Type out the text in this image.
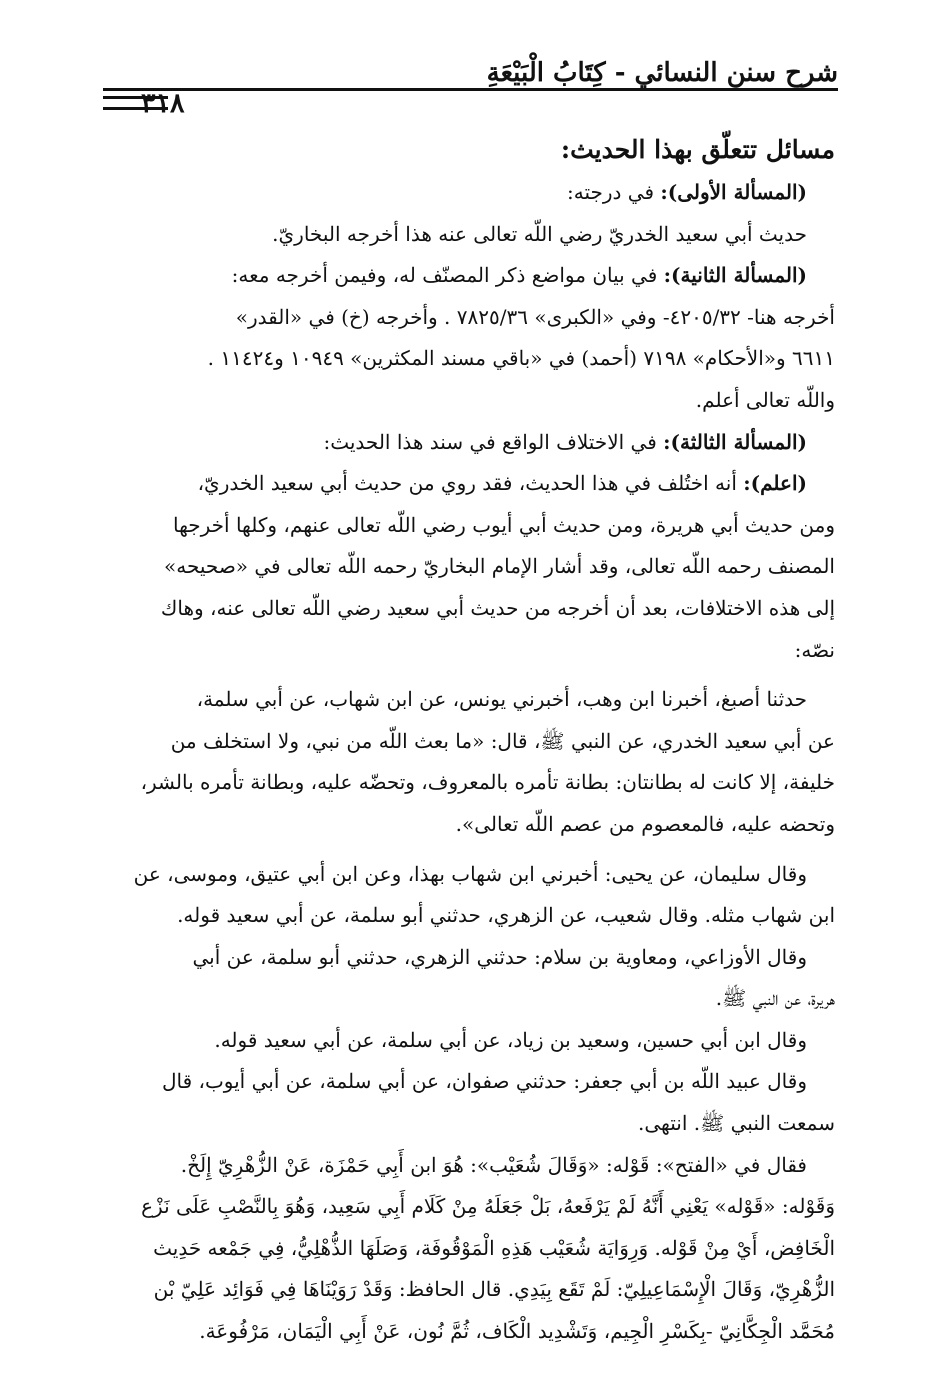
شرح سنن النسائي - كِتَابُ الْبَيْعَةِ
٣١٨
مسائل تتعلّق بهذا الحديث:
(المسألة الأولى): في درجته:
حديث أبي سعيد الخدريّ رضي اللّه تعالى عنه هذا أخرجه البخاريّ.
(المسألة الثانية): في بيان مواضع ذكر المصنّف له، وفيمن أخرجه معه:
أخرجه هنا- ٤٢٠٥/٣٢- وفي «الكبرى» ٧٨٢٥/٣٦ . وأخرجه (خ) في «القدر»
٦٦١١ و«الأحكام» ٧١٩٨ (أحمد) في «باقي مسند المكثرين» ١٠٩٤٩ و١١٤٢٤ .
واللّه تعالى أعلم.
(المسألة الثالثة): في الاختلاف الواقع في سند هذا الحديث:
(اعلم): أنه اختُلف في هذا الحديث، فقد روي من حديث أبي سعيد الخدريّ،
ومن حديث أبي هريرة، ومن حديث أبي أيوب رضي اللّه تعالى عنهم، وكلها أخرجها
المصنف رحمه اللّه تعالى، وقد أشار الإمام البخاريّ رحمه اللّه تعالى في «صحيحه»
إلى هذه الاختلافات، بعد أن أخرجه من حديث أبي سعيد رضي اللّه تعالى عنه، وهاك
نصّه:
حدثنا أصبغ، أخبرنا ابن وهب، أخبرني يونس، عن ابن شهاب، عن أبي سلمة،
عن أبي سعيد الخدري، عن النبي ﷺ، قال: «ما بعث اللّه من نبي، ولا استخلف من
خليفة، إلا كانت له بطانتان: بطانة تأمره بالمعروف، وتحضّه عليه، وبطانة تأمره بالشر،
وتحضه عليه، فالمعصوم من عصم اللّه تعالى».
وقال سليمان، عن يحيى: أخبرني ابن شهاب بهذا، وعن ابن أبي عتيق، وموسى، عن
ابن شهاب مثله. وقال شعيب، عن الزهري، حدثني أبو سلمة، عن أبي سعيد قوله.
وقال الأوزاعي، ومعاوية بن سلام: حدثني الزهري، حدثني أبو سلمة، عن أبي
هريرة، عن النبي ﷺ.
وقال ابن أبي حسين، وسعيد بن زياد، عن أبي سلمة، عن أبي سعيد قوله.
وقال عبيد اللّه بن أبي جعفر: حدثني صفوان، عن أبي سلمة، عن أبي أيوب، قال
سمعت النبي ﷺ. انتهى.
فقال في «الفتح»: قَوْله: «وَقَالَ شُعَيْب»: هُوَ ابن أَبِي حَمْزَة، عَنْ الزُّهْرِيّ إِلَخْ.
وَقَوْله: «قَوْله» يَعْنِي أَنَّهُ لَمْ يَرْفَعهُ، بَلْ جَعَلَهُ مِنْ كَلَام أَبِي سَعِيد، وَهُوَ بِالنَّصْبِ عَلَى نَزْع
الْخَافِض، أَيْ مِنْ قَوْله. وَرِوَايَة شُعَيْب هَذِهِ الْمَوْقُوفَة، وَصَلَهَا الذُّهْلِيُّ، فِي جَمْعه حَدِيث
الزُّهْرِيّ، وَقَالَ الْإِسْمَاعِيلِيّ: لَمْ تَقَع بِيَدِي. قال الحافظ: وَقَدْ رَوَيْنَاهَا فِي فَوَائِد عَلِيّ بْن
مُحَمَّد الْجِكَّانِيّ -بِكَسْرِ الْجِيم، وَتَشْدِيد الْكَاف، ثُمَّ نُون، عَنْ أَبِي الْيَمَان، مَرْفُوعَة.
